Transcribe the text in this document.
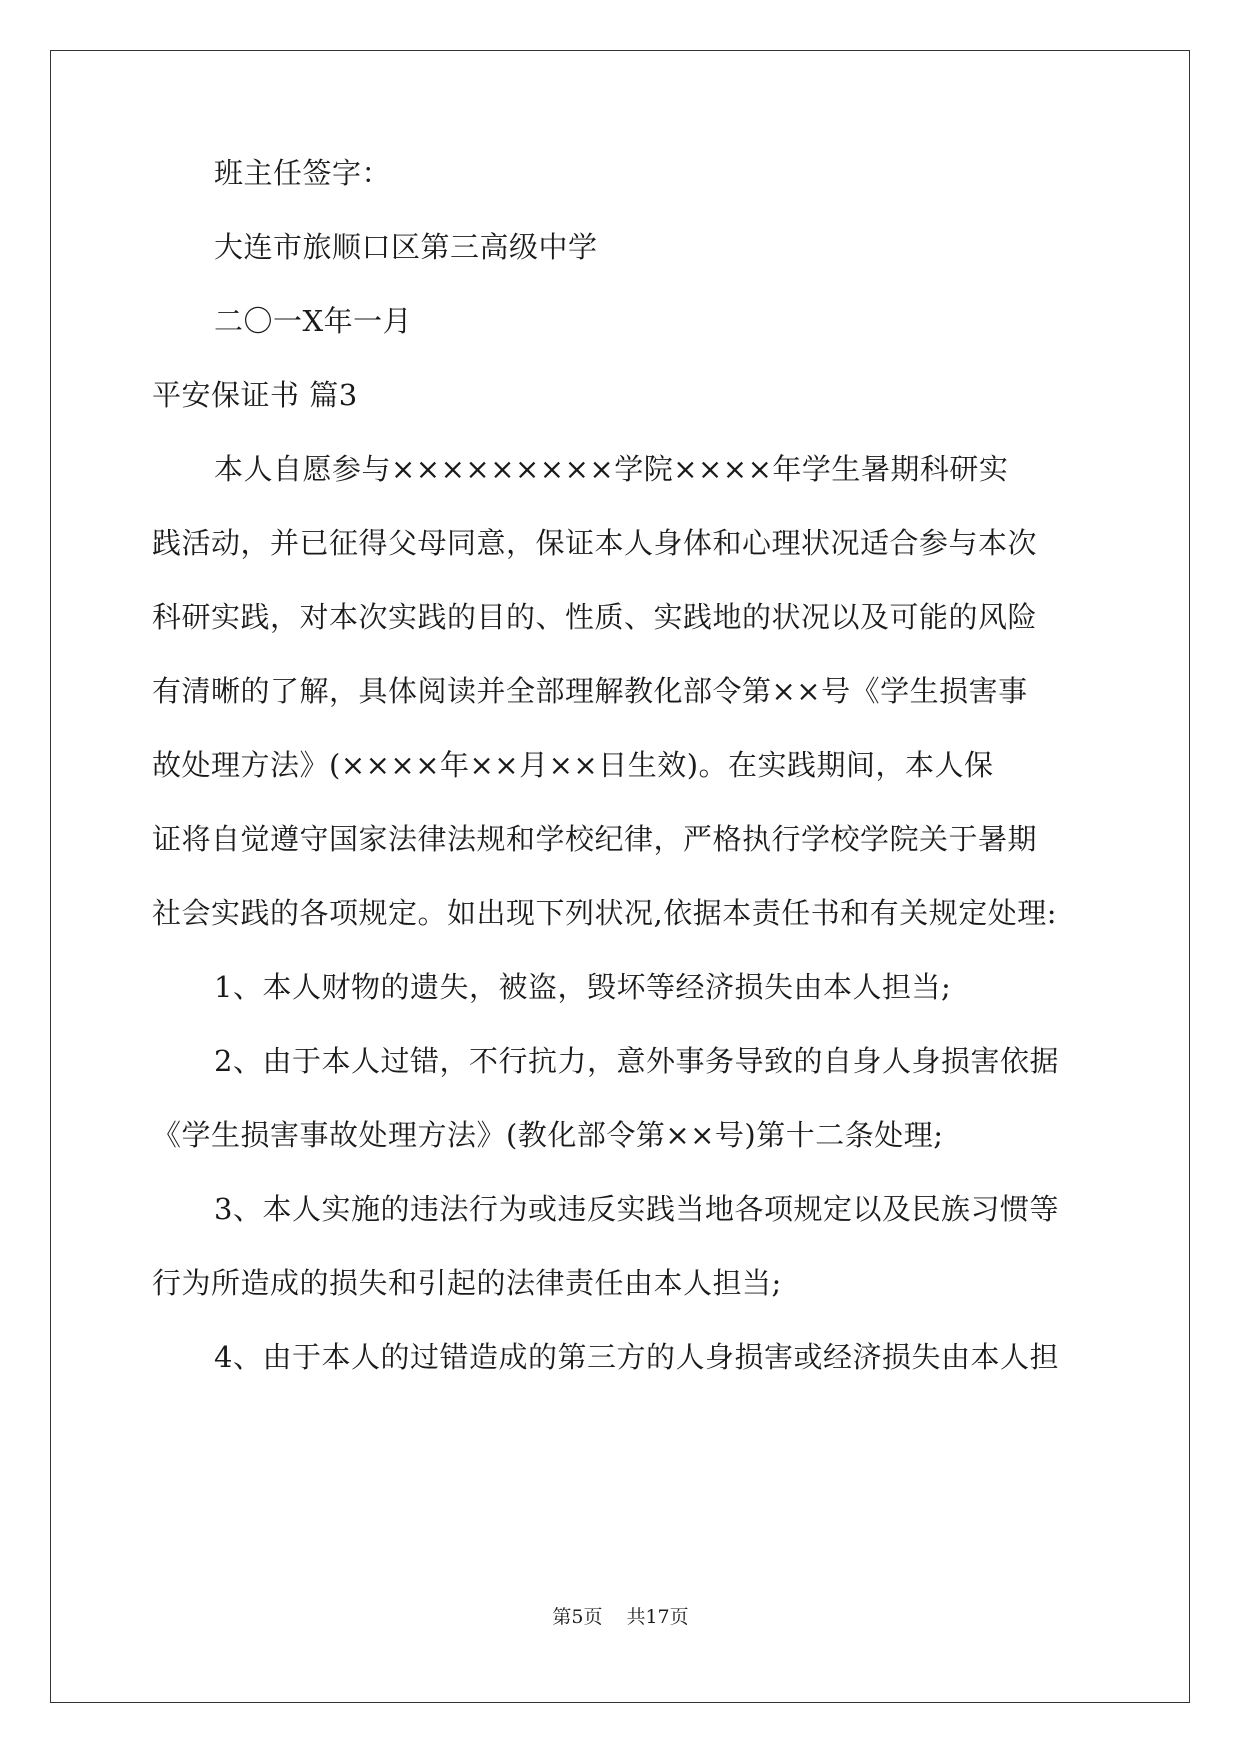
班主任签字：
大连市旅顺口区第三高级中学
二〇一X年一月
平安保证书 篇3
本人自愿参与×××××××××学院××××年学生暑期科研实
践活动，并已征得父母同意，保证本人身体和心理状况适合参与本次
科研实践，对本次实践的目的、性质、实践地的状况以及可能的风险
有清晰的了解，具体阅读并全部理解教化部令第××号《学生损害事
故处理方法》(××××年××月××日生效)。在实践期间，本人保
证将自觉遵守国家法律法规和学校纪律，严格执行学校学院关于暑期
社会实践的各项规定。如出现下列状况,依据本责任书和有关规定处理:
1、本人财物的遗失，被盗，毁坏等经济损失由本人担当;
2、由于本人过错，不行抗力，意外事务导致的自身人身损害依据
《学生损害事故处理方法》(教化部令第××号)第十二条处理;
3、本人实施的违法行为或违反实践当地各项规定以及民族习惯等
行为所造成的损失和引起的法律责任由本人担当;
4、由于本人的过错造成的第三方的人身损害或经济损失由本人担
第5页 共17页
